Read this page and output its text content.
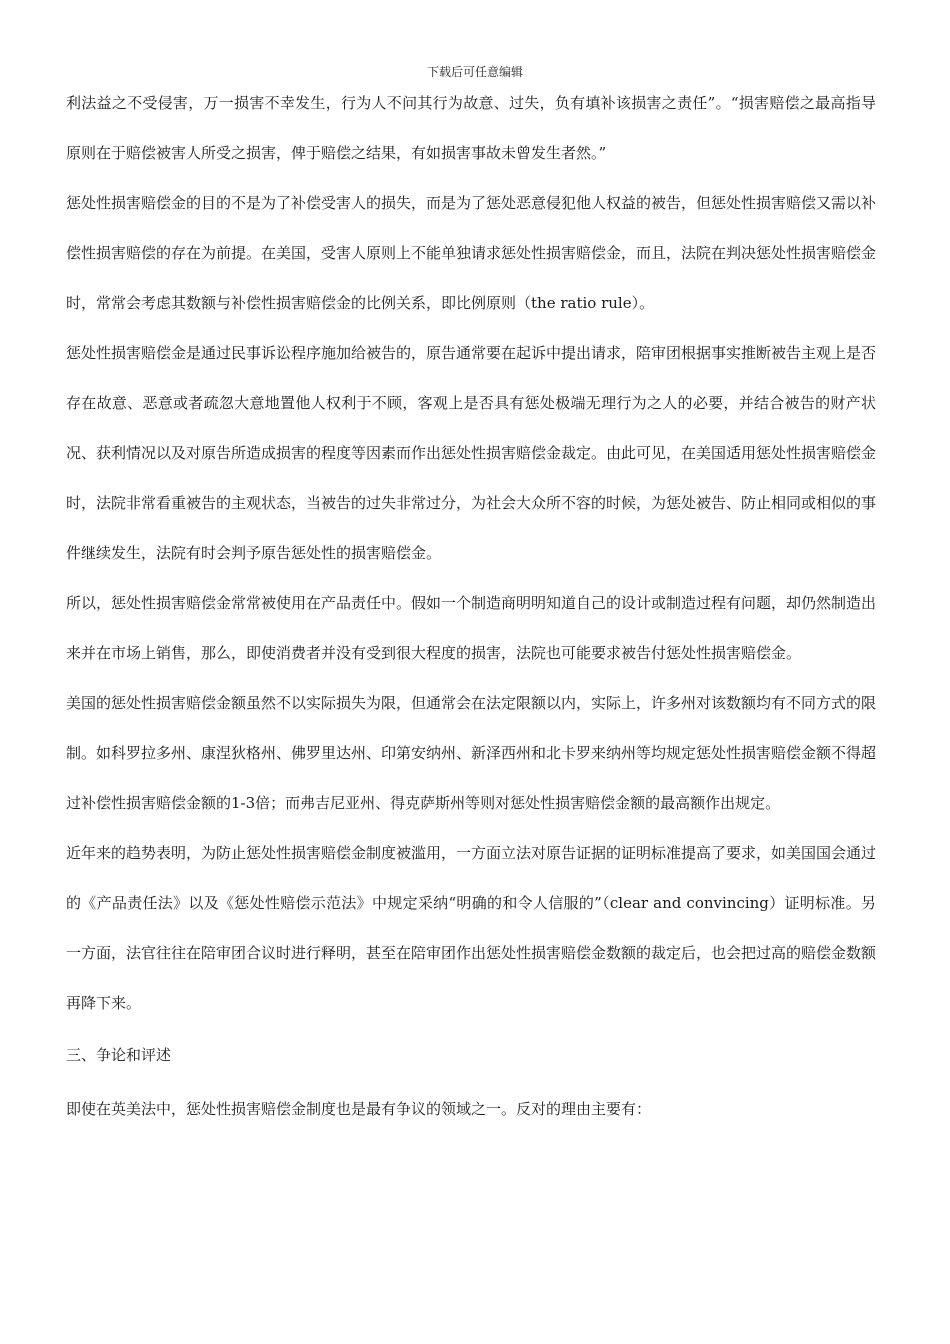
下载后可任意编辑

利法益之不受侵害，万一损害不幸发生，行为人不问其行为故意、过失，负有填补该损害之责任”。“损害赔偿之最高指导原则在于赔偿被害人所受之损害，俾于赔偿之结果，有如损害事故未曾发生者然。”

惩处性损害赔偿金的目的不是为了补偿受害人的损失，而是为了惩处恶意侵犯他人权益的被告，但惩处性损害赔偿又需以补偿性损害赔偿的存在为前提。在美国，受害人原则上不能单独请求惩处性损害赔偿金，而且，法院在判决惩处性损害赔偿金时，常常会考虑其数额与补偿性损害赔偿金的比例关系，即比例原则（the ratio rule）。

惩处性损害赔偿金是通过民事诉讼程序施加给被告的，原告通常要在起诉中提出请求，陪审团根据事实推断被告主观上是否存在故意、恶意或者疏忽大意地置他人权利于不顾，客观上是否具有惩处极端无理行为之人的必要，并结合被告的财产状况、获利情况以及对原告所造成损害的程度等因素而作出惩处性损害赔偿金裁定。由此可见，在美国适用惩处性损害赔偿金时，法院非常看重被告的主观状态，当被告的过失非常过分，为社会大众所不容的时候，为惩处被告、防止相同或相似的事件继续发生，法院有时会判予原告惩处性的损害赔偿金。

所以，惩处性损害赔偿金常常被使用在产品责任中。假如一个制造商明明知道自己的设计或制造过程有问题，却仍然制造出来并在市场上销售，那么，即使消费者并没有受到很大程度的损害，法院也可能要求被告付惩处性损害赔偿金。

美国的惩处性损害赔偿金额虽然不以实际损失为限，但通常会在法定限额以内，实际上，许多州对该数额均有不同方式的限制。如科罗拉多州、康涅狄格州、佛罗里达州、印第安纳州、新泽西州和北卡罗来纳州等均规定惩处性损害赔偿金额不得超过补偿性损害赔偿金额的1-3倍；而弗吉尼亚州、得克萨斯州等则对惩处性损害赔偿金额的最高额作出规定。

近年来的趋势表明，为防止惩处性损害赔偿金制度被滥用，一方面立法对原告证据的证明标准提高了要求，如美国国会通过的《产品责任法》以及《惩处性赔偿示范法》中规定采纳“明确的和令人信服的”（clear and convincing）证明标准。另一方面，法官往往在陪审团合议时进行释明，甚至在陪审团作出惩处性损害赔偿金数额的裁定后，也会把过高的赔偿金数额再降下来。

三、争论和评述

即使在英美法中，惩处性损害赔偿金制度也是最有争议的领域之一。反对的理由主要有：
